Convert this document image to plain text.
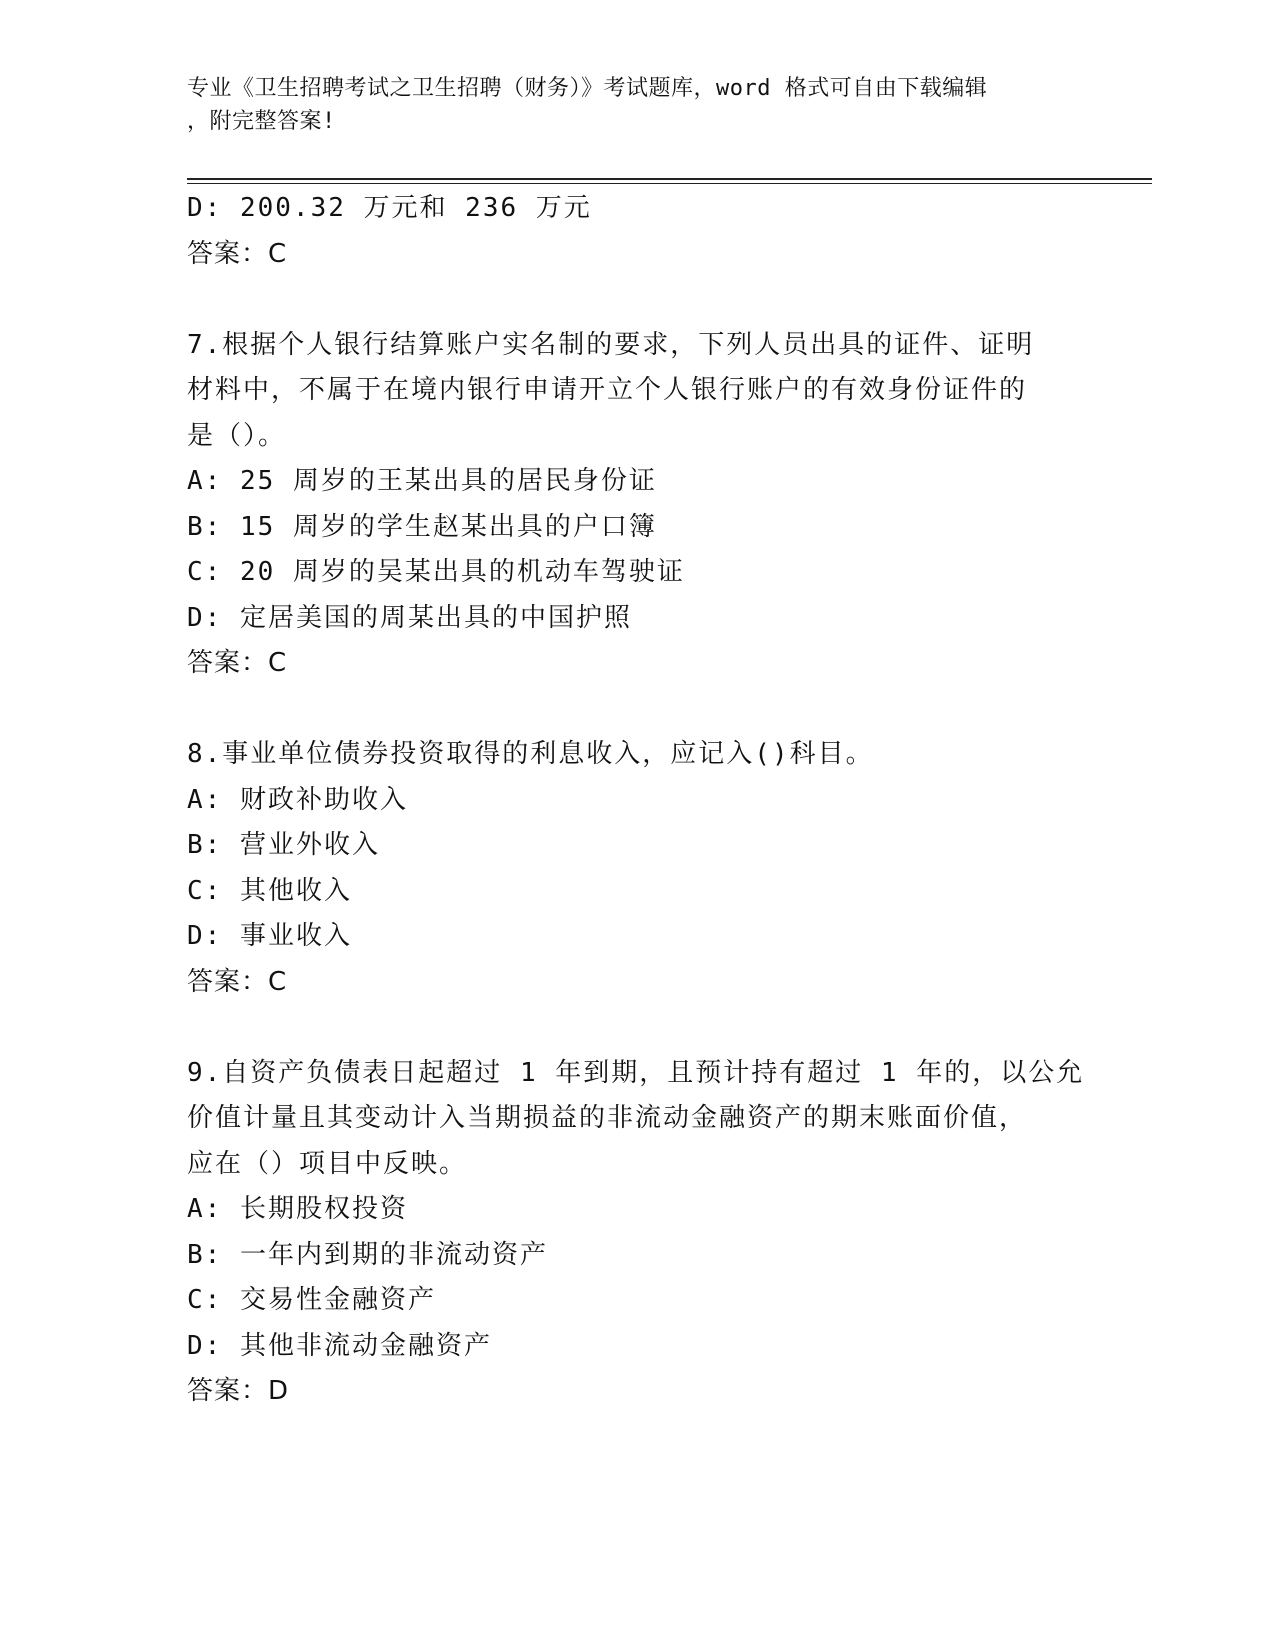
专业《卫生招聘考试之卫生招聘（财务）》考试题库，word 格式可自由下载编辑
，附完整答案!
D: 200.32 万元和 236 万元
答案：C
7.根据个人银行结算账户实名制的要求，下列人员出具的证件、证明
材料中，不属于在境内银行申请开立个人银行账户的有效身份证件的
是（）。
A: 25 周岁的王某出具的居民身份证
B: 15 周岁的学生赵某出具的户口簿
C: 20 周岁的吴某出具的机动车驾驶证
D: 定居美国的周某出具的中国护照
答案：C
8.事业单位债券投资取得的利息收入，应记入()科目。
A: 财政补助收入
B: 营业外收入
C: 其他收入
D: 事业收入
答案：C
9.自资产负债表日起超过 1 年到期，且预计持有超过 1 年的，以公允
价值计量且其变动计入当期损益的非流动金融资产的期末账面价值，
应在（）项目中反映。
A: 长期股权投资
B: 一年内到期的非流动资产
C: 交易性金融资产
D: 其他非流动金融资产
答案：D
